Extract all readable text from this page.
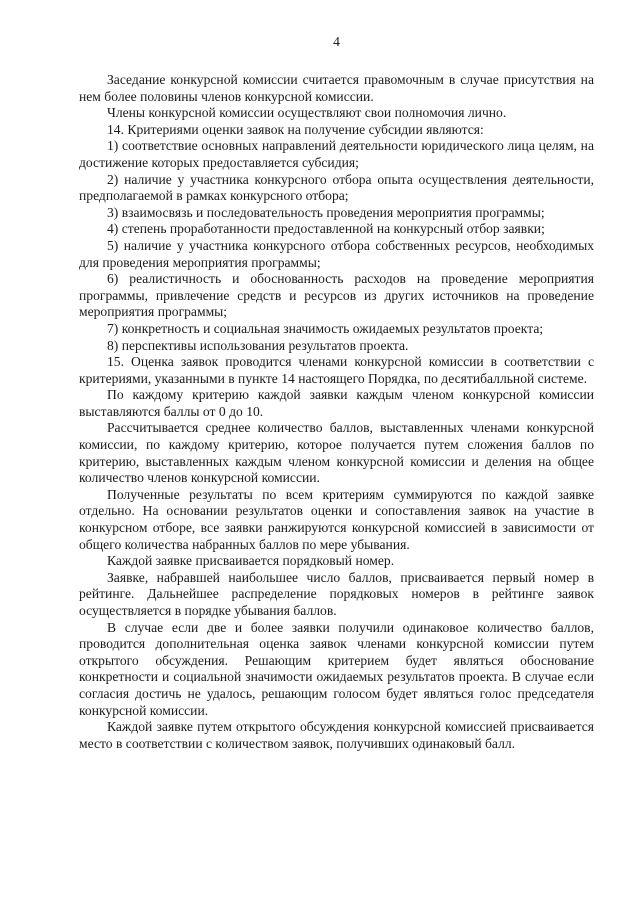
4

Заседание конкурсной комиссии считается правомочным в случае присутствия на нем более половины членов конкурсной комиссии.

Члены конкурсной комиссии осуществляют свои полномочия лично.

14. Критериями оценки заявок на получение субсидии являются:

1) соответствие основных направлений деятельности юридического лица целям, на достижение которых предоставляется субсидия;

2) наличие у участника конкурсного отбора опыта осуществления деятельности, предполагаемой в рамках конкурсного отбора;

3) взаимосвязь и последовательность проведения мероприятия программы;

4) степень проработанности предоставленной на конкурсный отбор заявки;

5) наличие у участника конкурсного отбора собственных ресурсов, необходимых для проведения мероприятия программы;

6) реалистичность и обоснованность расходов на проведение мероприятия программы, привлечение средств и ресурсов из других источников на проведение мероприятия программы;

7) конкретность и социальная значимость ожидаемых результатов проекта;

8) перспективы использования результатов проекта.

15. Оценка заявок проводится членами конкурсной комиссии в соответствии с критериями, указанными в пункте 14 настоящего Порядка, по десятибалльной системе.

По каждому критерию каждой заявки каждым членом конкурсной комиссии выставляются баллы от 0 до 10.

Рассчитывается среднее количество баллов, выставленных членами конкурсной комиссии, по каждому критерию, которое получается путем сложения баллов по критерию, выставленных каждым членом конкурсной комиссии и деления на общее количество членов конкурсной комиссии.

Полученные результаты по всем критериям суммируются по каждой заявке отдельно. На основании результатов оценки и сопоставления заявок на участие в конкурсном отборе, все заявки ранжируются конкурсной комиссией в зависимости от общего количества набранных баллов по мере убывания.

Каждой заявке присваивается порядковый номер.

Заявке, набравшей наибольшее число баллов, присваивается первый номер в рейтинге. Дальнейшее распределение порядковых номеров в рейтинге заявок осуществляется в порядке убывания баллов.

В случае если две и более заявки получили одинаковое количество баллов, проводится дополнительная оценка заявок членами конкурсной комиссии путем открытого обсуждения. Решающим критерием будет являться обоснование конкретности и социальной значимости ожидаемых результатов проекта. В случае если согласия достичь не удалось, решающим голосом будет являться голос председателя конкурсной комиссии.

Каждой заявке путем открытого обсуждения конкурсной комиссией присваивается место в соответствии с количеством заявок, получивших одинаковый балл.
